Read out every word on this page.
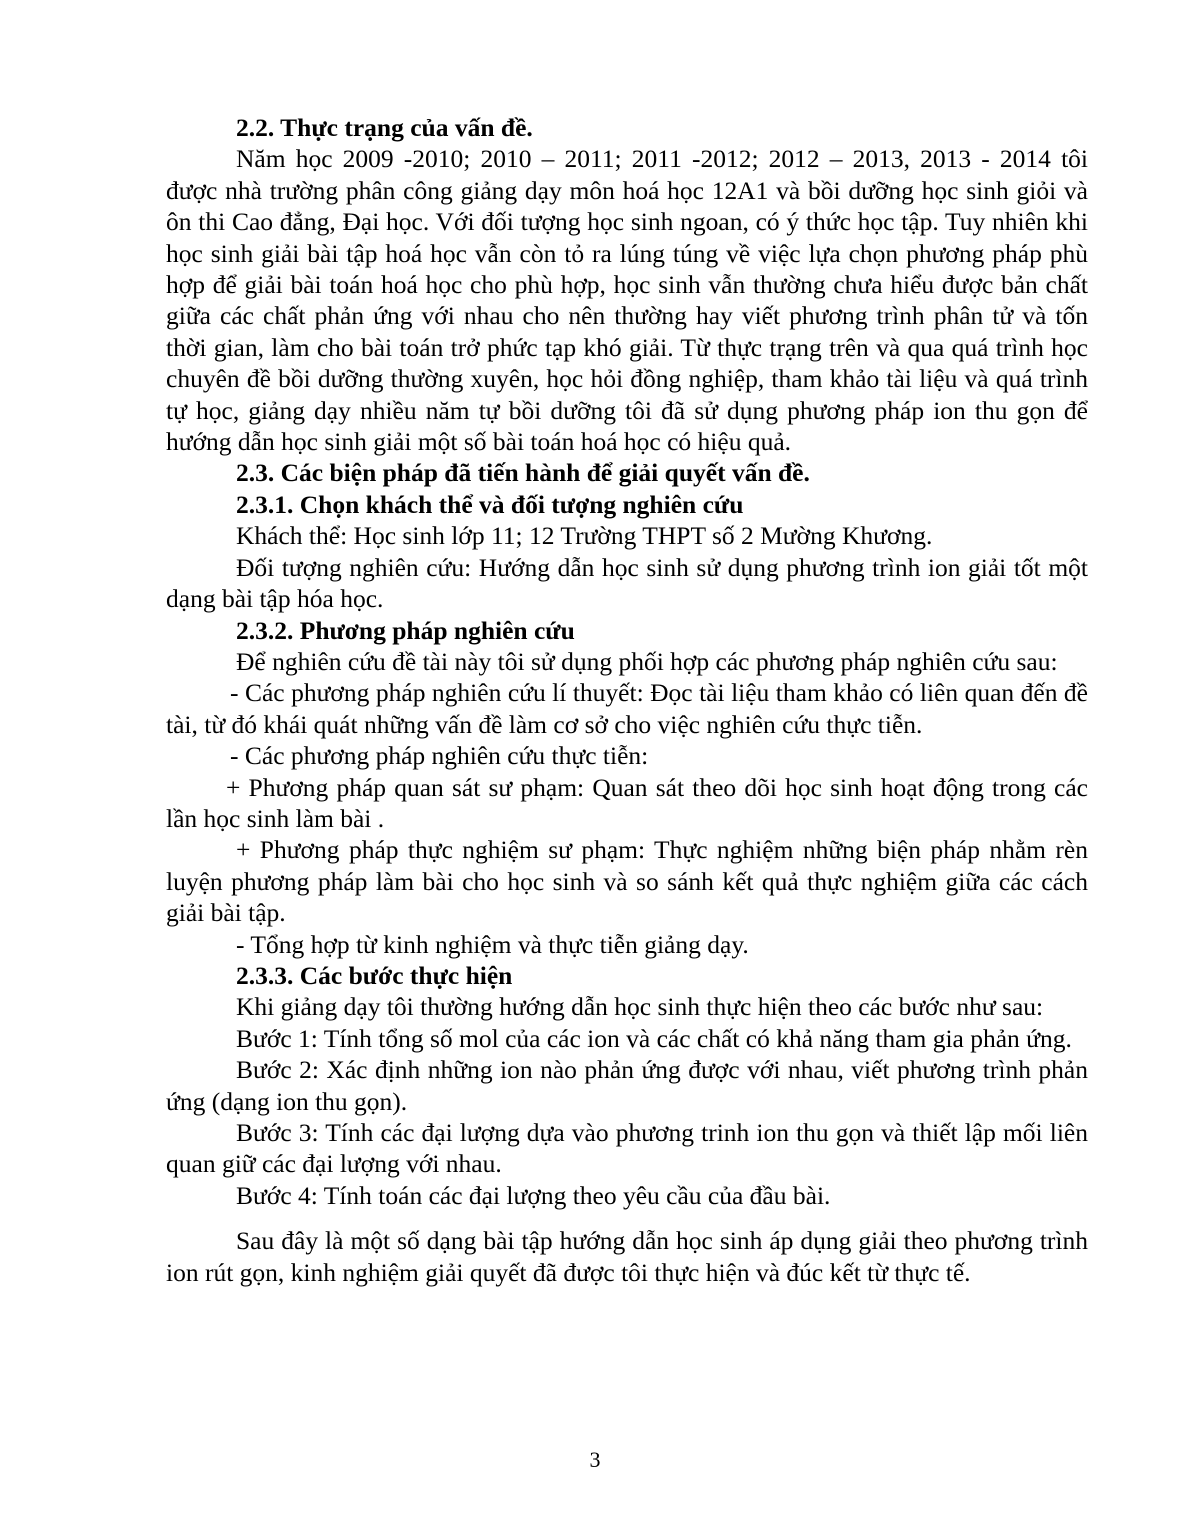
2.2. Thực trạng của vấn đề.

Năm học 2009 -2010; 2010 – 2011; 2011 -2012; 2012 – 2013, 2013 - 2014 tôi được nhà trường phân công giảng dạy môn hoá học 12A1 và bồi dưỡng học sinh giỏi và ôn thi Cao đẳng, Đại học. Với đối tượng học sinh ngoan, có ý thức học tập. Tuy nhiên khi học sinh giải bài tập hoá học vẫn còn tỏ ra lúng túng về việc lựa chọn phương pháp phù hợp để giải bài toán hoá học cho phù hợp, học sinh vẫn thường chưa hiểu được bản chất giữa các chất phản ứng với nhau cho nên thường hay viết phương trình phân tử và tốn thời gian, làm cho bài toán trở phức tạp khó giải. Từ thực trạng trên và qua quá trình học chuyên đề bồi dưỡng thường xuyên, học hỏi đồng nghiệp, tham khảo tài liệu và quá trình tự học, giảng dạy nhiều năm tự bồi dưỡng tôi đã sử dụng phương pháp ion thu gọn để hướng dẫn học sinh giải một số bài toán hoá học có hiệu quả.

2.3. Các biện pháp đã tiến hành để giải quyết vấn đề.

2.3.1. Chọn khách thể và đối tượng nghiên cứu

Khách thể: Học sinh lớp 11; 12 Trường THPT số 2 Mường Khương.

Đối tượng nghiên cứu: Hướng dẫn học sinh sử dụng phương trình ion giải tốt một dạng bài tập hóa học.

2.3.2. Phương pháp nghiên cứu

Để nghiên cứu đề tài này tôi sử dụng phối hợp các phương pháp nghiên cứu sau:

- Các phương pháp nghiên cứu lí thuyết: Đọc tài liệu tham khảo có liên quan đến đề tài, từ đó khái quát những vấn đề làm cơ sở cho việc nghiên cứu thực tiễn.

- Các phương pháp nghiên cứu thực tiễn:

+ Phương pháp quan sát sư phạm: Quan sát theo dõi học sinh hoạt động trong các lần học sinh làm bài .

+ Phương pháp thực nghiệm sư phạm: Thực nghiệm những biện pháp nhằm rèn luyện phương pháp làm bài cho học sinh và so sánh kết quả thực nghiệm giữa các cách giải bài tập.

- Tổng hợp từ kinh nghiệm và thực tiễn giảng dạy.

2.3.3. Các bước thực hiện

Khi giảng dạy tôi thường hướng dẫn học sinh thực hiện theo các bước như sau:

Bước 1: Tính tổng số mol của các ion và các chất có khả năng tham gia phản ứng.

Bước 2: Xác định những ion nào phản ứng được với nhau, viết phương trình phản ứng (dạng ion thu gọn).

Bước 3: Tính các đại lượng dựa vào phương trinh ion thu gọn và thiết lập mối liên quan giữ các đại lượng với nhau.

Bước 4: Tính toán các đại lượng theo yêu cầu của đầu bài.

Sau đây là một số dạng bài tập hướng dẫn học sinh áp dụng giải theo phương trình ion rút gọn, kinh nghiệm giải quyết đã được tôi thực hiện và đúc kết từ thực tế.

3
